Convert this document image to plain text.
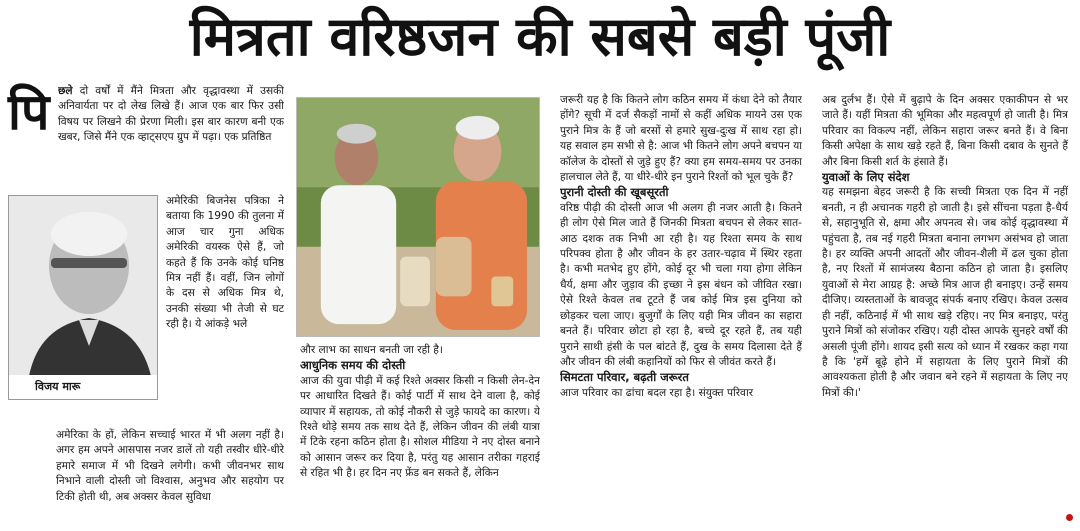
मित्रता वरिष्ठजन की सबसे बड़ी पूंजी
पि छले दो वर्षों में मैंने मित्रता और वृद्धावस्था में उसकी अनिवार्यता पर दो लेख लिखे हैं। आज एक बार फिर उसी विषय पर लिखने की प्रेरणा मिली। इस बार कारण बनी एक खबर, जिसे मैंने एक व्हाट्सएप ग्रुप में पढ़ा। एक प्रतिष्ठित
विजय मारू
अमेरिकी बिजनेस पत्रिका ने बताया कि 1990 की तुलना में आज चार गुना अधिक अमेरिकी वयस्क ऐसे हैं, जो कहते हैं कि उनके कोई घनिष्ठ मित्र नहीं हैं। वहीं, जिन लोगों के दस से अधिक मित्र थे, उनकी संख्या भी तेजी से घट रही है। ये आंकड़े भले
अमेरिका के हों, लेकिन सच्चाई भारत में भी अलग नहीं है। अगर हम अपने आसपास नजर डालें तो यही तस्वीर धीरे-धीरे हमारे समाज में भी दिखने लगेगी। कभी जीवनभर साथ निभाने वाली दोस्ती जो विश्वास, अनुभव और सहयोग पर टिकी होती थी, अब अक्सर केवल सुविधा

और लाभ का साधन बनती जा रही है।

आधुनिक समय की दोस्ती

आज की युवा पीढ़ी में कई रिश्ते अक्सर किसी न किसी लेन-देन पर आधारित दिखते हैं। कोई पार्टी में साथ देने वाला है, कोई व्यापार में सहायक, तो कोई नौकरी से जुड़े फायदे का कारण। ये रिश्ते थोड़े समय तक साथ देते हैं, लेकिन जीवन की लंबी यात्रा में टिके रहना कठिन होता है। सोशल मीडिया ने नए दोस्त बनाने को आसान जरूर कर दिया है, परंतु यह आसान तरीका गहराई से रहित भी है। हर दिन नए फ्रेंड बन सकते हैं, लेकिन

जरूरी यह है कि कितने लोग कठिन समय में कंधा देने को तैयार होंगे? सूची में दर्ज सैकड़ों नामों से कहीं अधिक मायने उस एक पुराने मित्र के हैं जो बरसों से हमारे सुख-दुःख में साथ रहा हो। यह सवाल हम सभी से है: आज भी कितने लोग अपने बचपन या कॉलेज के दोस्तों से जुड़े हुए हैं? क्या हम समय-समय पर उनका हालचाल लेते हैं, या धीरे-धीरे इन पुराने रिश्तों को भूल चुके हैं?

पुरानी दोस्ती की खूबसूरती

वरिष्ठ पीढ़ी की दोस्ती आज भी अलग ही नजर आती है। कितने ही लोग ऐसे मिल जाते हैं जिनकी मित्रता बचपन से लेकर सात-आठ दशक तक निभी आ रही है। यह रिश्ता समय के साथ परिपक्व होता है और जीवन के हर उतार-चढ़ाव में स्थिर रहता है। कभी मतभेद हुए होंगे, कोई दूर भी चला गया होगा लेकिन धैर्य, क्षमा और जुड़ाव की इच्छा ने इस बंधन को जीवित रखा। ऐसे रिश्ते केवल तब टूटते हैं जब कोई मित्र इस दुनिया को छोड़कर चला जाए। बुजुर्गों के लिए यही मित्र जीवन का सहारा बनते हैं। परिवार छोटा हो रहा है, बच्चे दूर रहते हैं, तब यही पुराने साथी हंसी के पल बांटते हैं, दुख के समय दिलासा देते हैं और जीवन की लंबी कहानियों को फिर से जीवंत करते हैं।

सिमटता परिवार, बढ़ती जरूरत

आज परिवार का ढांचा बदल रहा है। संयुक्त परिवार

अब दुर्लभ हैं। ऐसे में बुढ़ापे के दिन अक्सर एकाकीपन से भर जाते हैं। यहीं मित्रता की भूमिका और महत्वपूर्ण हो जाती है। मित्र परिवार का विकल्प नहीं, लेकिन सहारा जरूर बनते हैं। वे बिना किसी अपेक्षा के साथ खड़े रहते हैं, बिना किसी दबाव के सुनते हैं और बिना किसी शर्त के हंसाते हैं।

युवाओं के लिए संदेश

यह समझना बेहद जरूरी है कि सच्ची मित्रता एक दिन में नहीं बनती, न ही अचानक गहरी हो जाती है। इसे सींचना पड़ता है-धैर्य से, सहानुभूति से, क्षमा और अपनत्व से। जब कोई वृद्धावस्था में पहुंचता है, तब नई गहरी मित्रता बनाना लगभग असंभव हो जाता है। हर व्यक्ति अपनी आदतों और जीवन-शैली में ढल चुका होता है, नए रिश्तों में सामंजस्य बैठाना कठिन हो जाता है। इसलिए युवाओं से मेरा आग्रह है: अच्छे मित्र आज ही बनाइए। उन्हें समय दीजिए। व्यस्तताओं के बावजूद संपर्क बनाए रखिए। केवल उत्सव ही नहीं, कठिनाई में भी साथ खड़े रहिए। नए मित्र बनाइए, परंतु पुराने मित्रों को संजोकर रखिए। यही दोस्त आपके सुनहरे वर्षों की असली पूंजी होंगे। शायद इसी सत्य को ध्यान में रखकर कहा गया है कि 'हमें बूढ़े होने में सहायता के लिए पुराने मित्रों की आवश्यकता होती है और जवान बने रहने में सहायता के लिए नए मित्रों की।'
